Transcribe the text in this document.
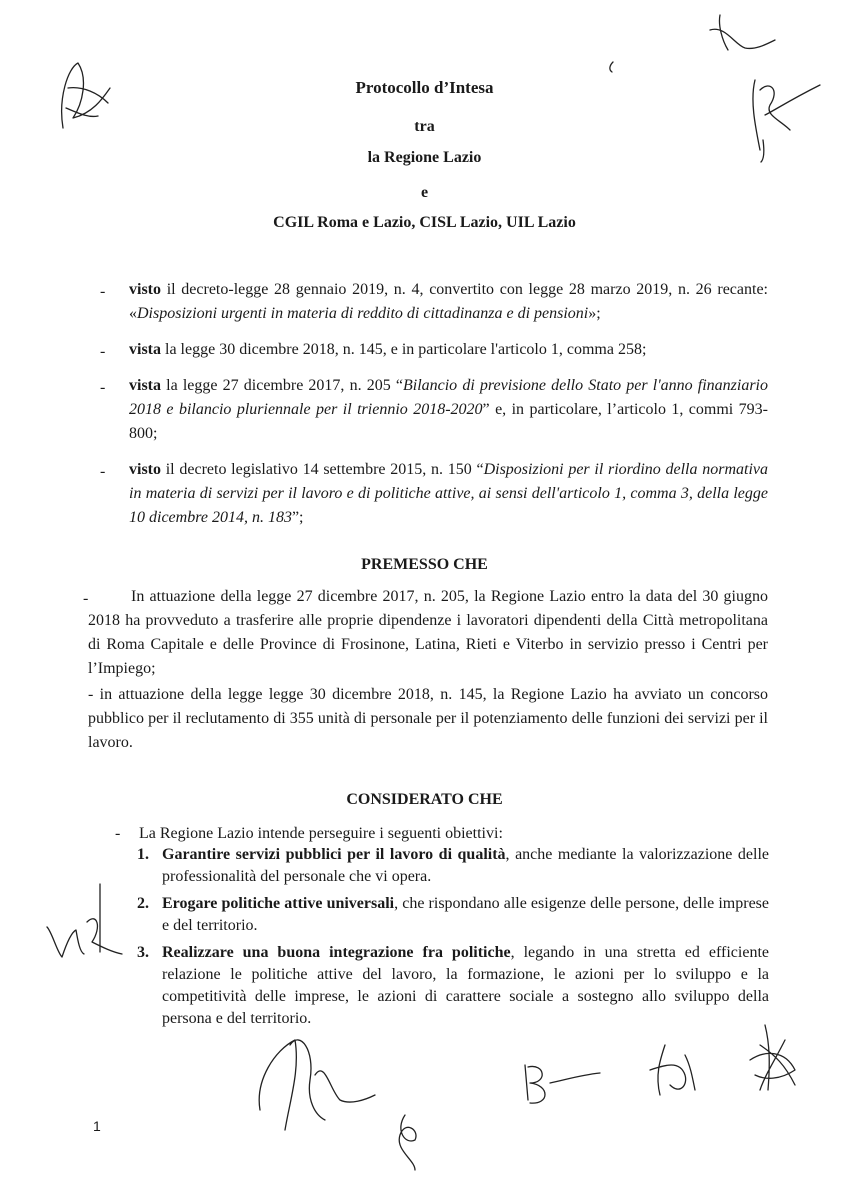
Protocollo d’Intesa
tra
la Regione Lazio
e
CGIL Roma e Lazio, CISL Lazio, UIL Lazio
- visto il decreto-legge 28 gennaio 2019, n. 4, convertito con legge 28 marzo 2019, n. 26 recante: «Disposizioni urgenti in materia di reddito di cittadinanza e di pensioni»;
- vista la legge 30 dicembre 2018, n. 145, e in particolare l'articolo 1, comma 258;
- vista la legge 27 dicembre 2017, n. 205 “Bilancio di previsione dello Stato per l'anno finanziario 2018 e bilancio pluriennale per il triennio 2018-2020” e, in particolare, l’articolo 1, commi 793-800;
- visto il decreto legislativo 14 settembre 2015, n. 150 “Disposizioni per il riordino della normativa in materia di servizi per il lavoro e di politiche attive, ai sensi dell'articolo 1, comma 3, della legge 10 dicembre 2014, n. 183”;
PREMESSO CHE
-	In attuazione della legge 27 dicembre 2017, n. 205, la Regione Lazio entro la data del 30 giugno 2018 ha provveduto a trasferire alle proprie dipendenze i lavoratori dipendenti della Città metropolitana di Roma Capitale e delle Province di Frosinone, Latina, Rieti e Viterbo in servizio presso i Centri per l’Impiego;
- in attuazione della legge legge 30 dicembre 2018, n. 145, la Regione Lazio ha avviato un concorso pubblico per il reclutamento di 355 unità di personale per il potenziamento delle funzioni dei servizi per il lavoro.
CONSIDERATO CHE
- La Regione Lazio intende perseguire i seguenti obiettivi:
1. Garantire servizi pubblici per il lavoro di qualità, anche mediante la valorizzazione delle professionalità del personale che vi opera.
2. Erogare politiche attive universali, che rispondano alle esigenze delle persone, delle imprese e del territorio.
3. Realizzare una buona integrazione fra politiche, legando in una stretta ed efficiente relazione le politiche attive del lavoro, la formazione, le azioni per lo sviluppo e la competitività delle imprese, le azioni di carattere sociale a sostegno allo sviluppo della persona e del territorio.
1
